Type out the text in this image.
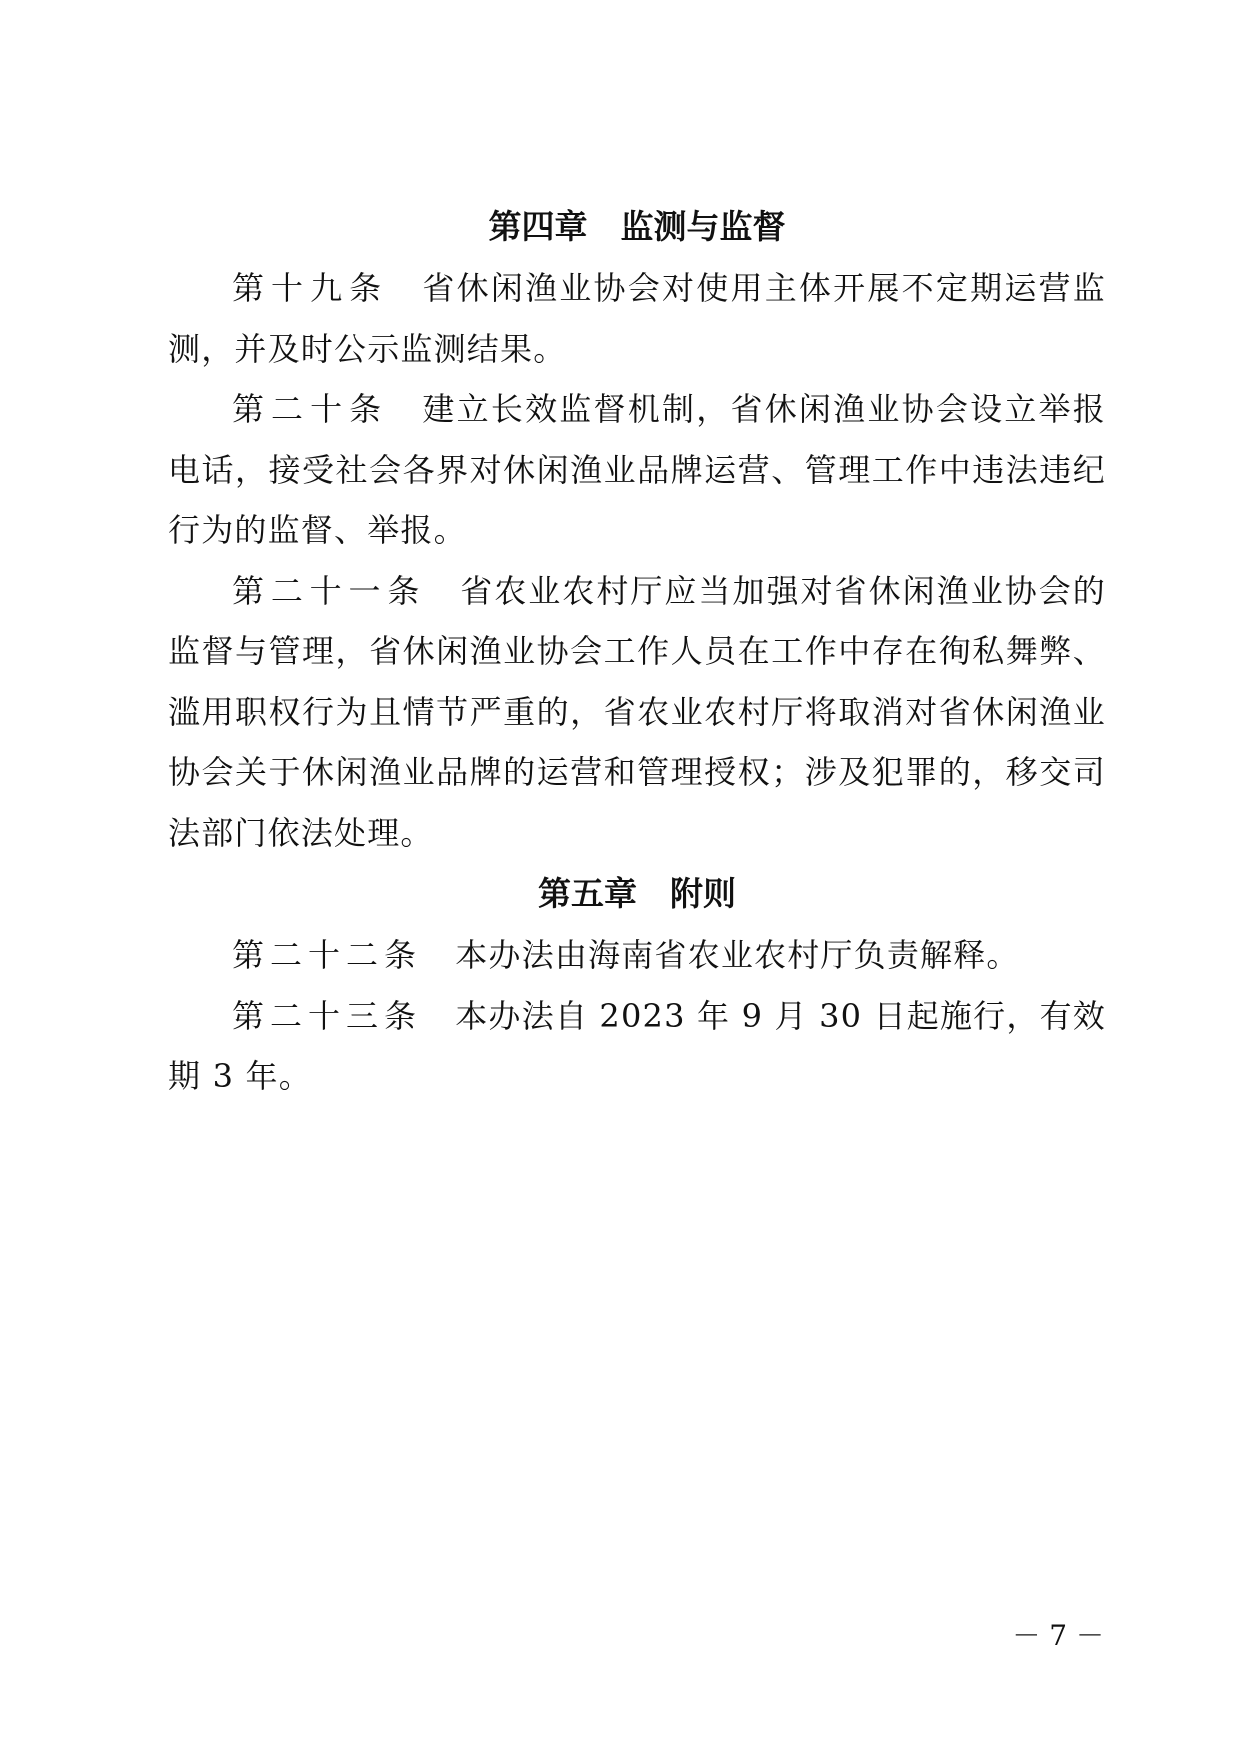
第四章　监测与监督

第十九条  省休闲渔业协会对使用主体开展不定期运营监测，并及时公示监测结果。

第二十条  建立长效监督机制，省休闲渔业协会设立举报电话，接受社会各界对休闲渔业品牌运营、管理工作中违法违纪行为的监督、举报。

第二十一条  省农业农村厅应当加强对省休闲渔业协会的监督与管理，省休闲渔业协会工作人员在工作中存在徇私舞弊、滥用职权行为且情节严重的，省农业农村厅将取消对省休闲渔业协会关于休闲渔业品牌的运营和管理授权；涉及犯罪的，移交司法部门依法处理。

第五章　附则

第二十二条  本办法由海南省农业农村厅负责解释。

第二十三条  本办法自 2023 年 9 月 30 日起施行，有效期 3 年。

－ 7 －
